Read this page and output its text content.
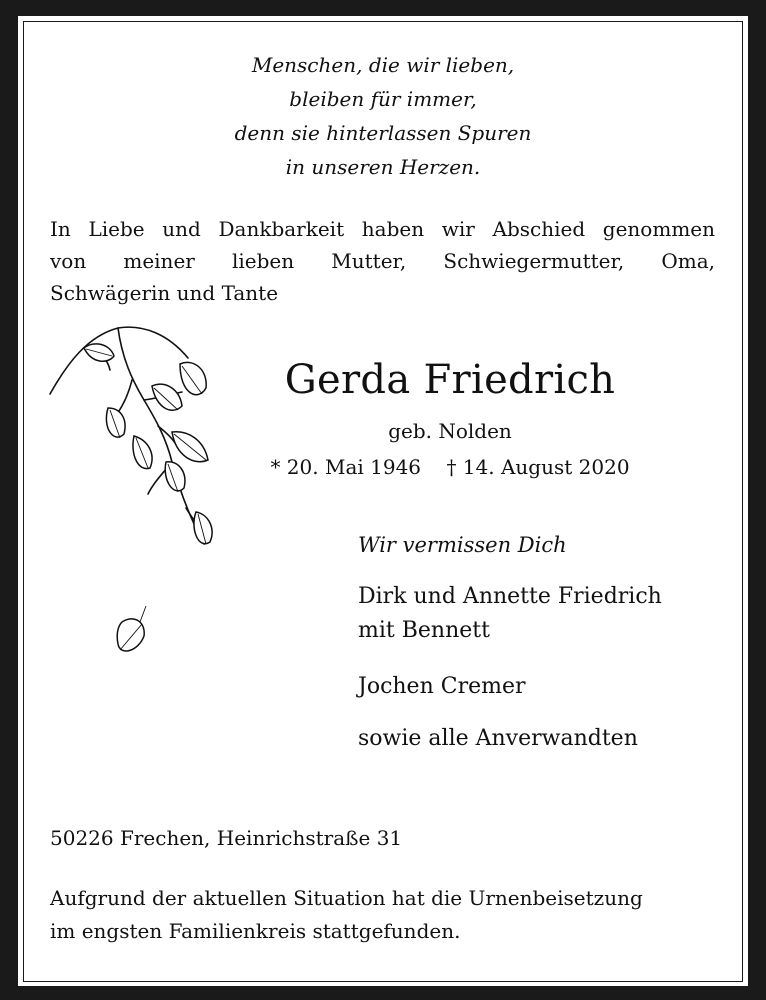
Menschen, die wir lieben,
bleiben für immer,
denn sie hinterlassen Spuren
in unseren Herzen.
In Liebe und Dankbarkeit haben wir Abschied genommen
von meiner lieben Mutter, Schwiegermutter, Oma,
Schwägerin und Tante
Gerda Friedrich
geb. Nolden
* 20. Mai 1946 † 14. August 2020
Wir vermissen Dich
Dirk und Annette Friedrich
mit Bennett
Jochen Cremer
sowie alle Anverwandten
50226 Frechen, Heinrichstraße 31
Aufgrund der aktuellen Situation hat die Urnenbeisetzung
im engsten Familienkreis stattgefunden.
